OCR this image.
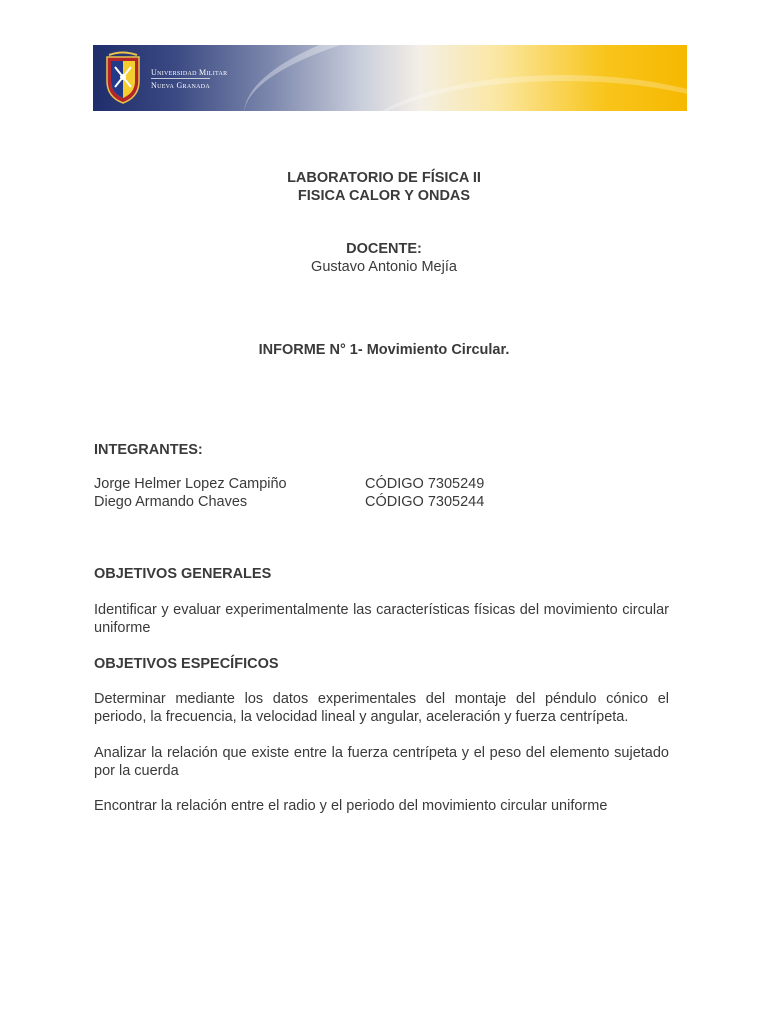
Universidad Militar
Nueva Granada
LABORATORIO DE FÍSICA II
FISICA CALOR Y ONDAS
DOCENTE:
Gustavo Antonio Mejía
INFORME N° 1- Movimiento Circular.
INTEGRANTES:
Jorge Helmer Lopez Campiño	CÓDIGO 7305249
Diego Armando Chaves	CÓDIGO 7305244
OBJETIVOS GENERALES
Identificar y evaluar experimentalmente las características físicas del movimiento circular uniforme
OBJETIVOS ESPECÍFICOS
Determinar mediante los datos experimentales del montaje del péndulo cónico el periodo, la frecuencia, la velocidad lineal y angular, aceleración y fuerza centrípeta.
Analizar la relación que existe entre la fuerza centrípeta y el peso del elemento sujetado por la cuerda
Encontrar la relación entre el radio y el periodo del movimiento circular uniforme
